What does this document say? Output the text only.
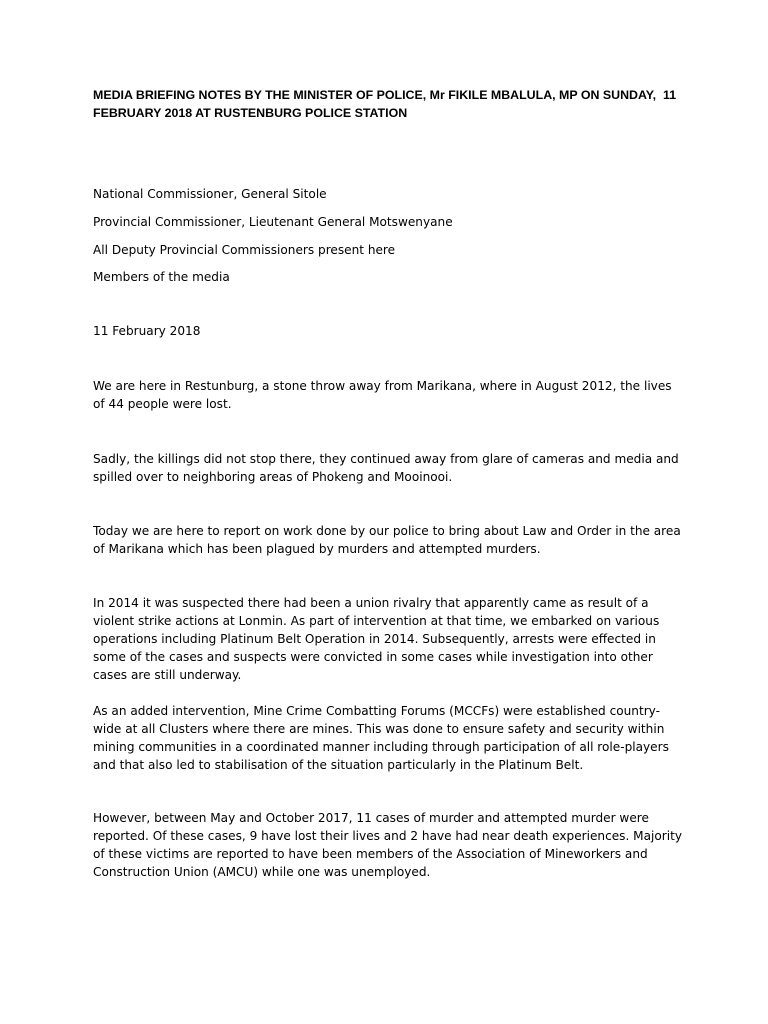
MEDIA BRIEFING NOTES BY THE MINISTER OF POLICE, Mr FIKILE MBALULA, MP ON SUNDAY,  11 FEBRUARY 2018 AT RUSTENBURG POLICE STATION

National Commissioner, General Sitole

Provincial Commissioner, Lieutenant General Motswenyane

All Deputy Provincial Commissioners present here

Members of the media

11 February 2018

We are here in Restunburg, a stone throw away from Marikana, where in August 2012, the lives of 44 people were lost.

Sadly, the killings did not stop there, they continued away from glare of cameras and media and spilled over to neighboring areas of Phokeng and Mooinooi.

Today we are here to report on work done by our police to bring about Law and Order in the area of Marikana which has been plagued by murders and attempted murders.

In 2014 it was suspected there had been a union rivalry that apparently came as result of a violent strike actions at Lonmin. As part of intervention at that time, we embarked on various operations including Platinum Belt Operation in 2014. Subsequently, arrests were effected in some of the cases and suspects were convicted in some cases while investigation into other cases are still underway.

As an added intervention, Mine Crime Combatting Forums (MCCFs) were established country-wide at all Clusters where there are mines. This was done to ensure safety and security within mining communities in a coordinated manner including through participation of all role-players and that also led to stabilisation of the situation particularly in the Platinum Belt.

However, between May and October 2017, 11 cases of murder and attempted murder were reported. Of these cases, 9 have lost their lives and 2 have had near death experiences. Majority of these victims are reported to have been members of the Association of Mineworkers and Construction Union (AMCU) while one was unemployed.
